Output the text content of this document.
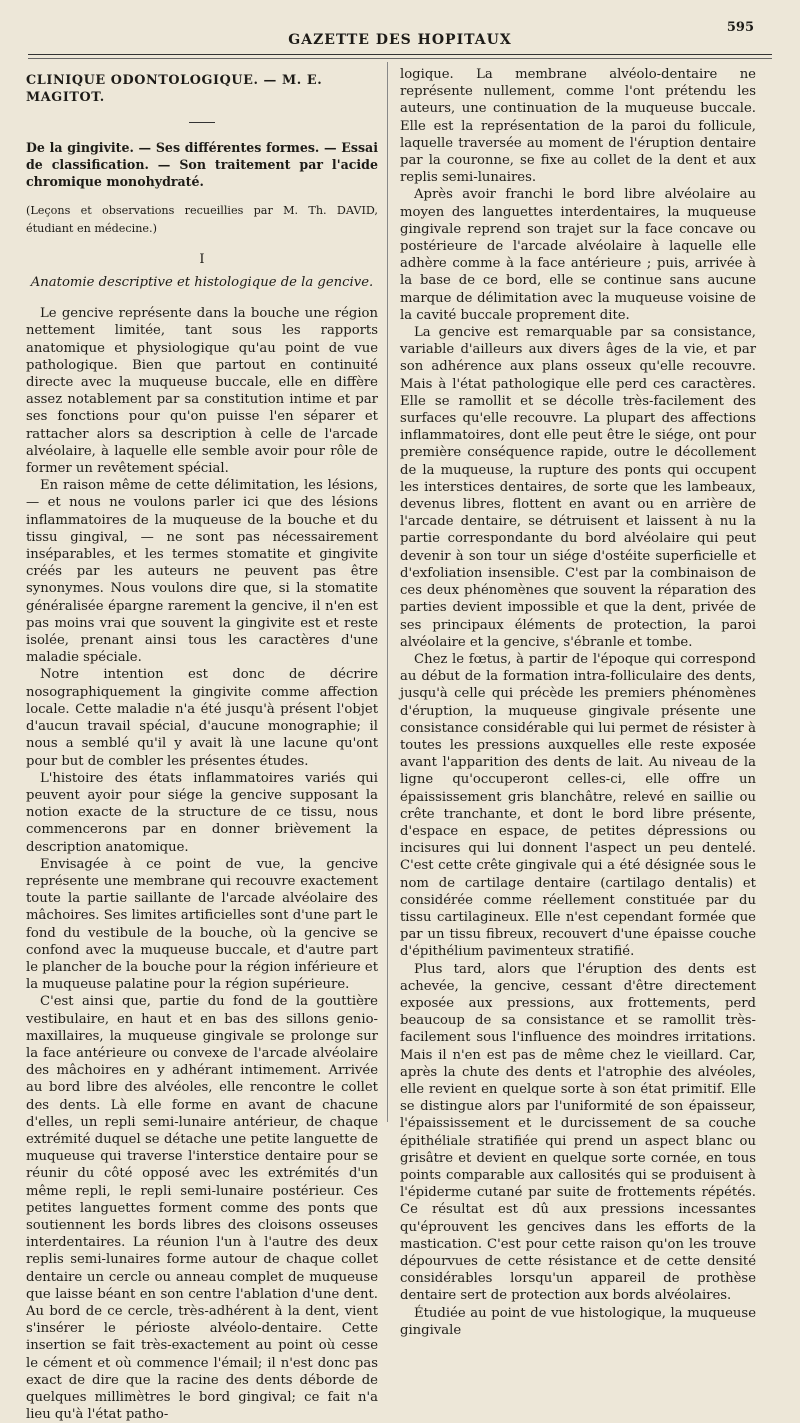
595
GAZETTE DES HOPITAUX

CLINIQUE ODONTOLOGIQUE. — M. E. MAGITOT.

De la gingivite. — Ses différentes formes. — Essai de classification. — Son traitement par l'acide chromique monohydraté.

(Leçons et observations recueillies par M. Th. DAVID, étudiant en médecine.)

I

Anatomie descriptive et histologique de la gencive.

Le gencive représente dans la bouche une région nettement limitée, tant sous les rapports anatomique et physiologique qu'au point de vue pathologique. Bien que partout en continuité directe avec la muqueuse buccale, elle en diffère assez notablement par sa constitution intime et par ses fonctions pour qu'on puisse l'en séparer et rattacher alors sa description à celle de l'arcade alvéolaire, à laquelle elle semble avoir pour rôle de former un revêtement spécial.

En raison même de cette délimitation, les lésions, — et nous ne voulons parler ici que des lésions inflammatoires de la muqueuse de la bouche et du tissu gingival, — ne sont pas nécessairement inséparables, et les termes stomatite et gingivite créés par les auteurs ne peuvent pas être synonymes. Nous voulons dire que, si la stomatite généralisée épargne rarement la gencive, il n'en est pas moins vrai que souvent la gingivite est et reste isolée, prenant ainsi tous les caractères d'une maladie spéciale.

Notre intention est donc de décrire nosographiquement la gingivite comme affection locale. Cette maladie n'a été jusqu'à présent l'objet d'aucun travail spécial, d'aucune monographie; il nous a semblé qu'il y avait là une lacune qu'ont pour but de combler les présentes études.

L'histoire des états inflammatoires variés qui peuvent ayoir pour siége la gencive supposant la notion exacte de la structure de ce tissu, nous commencerons par en donner brièvement la description anatomique.

Envisagée à ce point de vue, la gencive représente une membrane qui recouvre exactement toute la partie saillante de l'arcade alvéolaire des mâchoires. Ses limites artificielles sont d'une part le fond du vestibule de la bouche, où la gencive se confond avec la muqueuse buccale, et d'autre part le plancher de la bouche pour la région inférieure et la muqueuse palatine pour la région supérieure.

C'est ainsi que, partie du fond de la gouttière vestibulaire, en haut et en bas des sillons genio-maxillaires, la muqueuse gingivale se prolonge sur la face antérieure ou convexe de l'arcade alvéolaire des mâchoires en y adhérant intimement. Arrivée au bord libre des alvéoles, elle rencontre le collet des dents. Là elle forme en avant de chacune d'elles, un repli semi-lunaire antérieur, de chaque extrémité duquel se détache une petite languette de muqueuse qui traverse l'interstice dentaire pour se réunir du côté opposé avec les extrémités d'un même repli, le repli semi-lunaire postérieur. Ces petites languettes forment comme des ponts que soutiennent les bords libres des cloisons osseuses interdentaires. La réunion l'un à l'autre des deux replis semi-lunaires forme autour de chaque collet dentaire un cercle ou anneau complet de muqueuse que laisse béant en son centre l'ablation d'une dent. Au bord de ce cercle, très-adhérent à la dent, vient s'insérer le périoste alvéolo-dentaire. Cette insertion se fait très-exactement au point où cesse le cément et où commence l'émail; il n'est donc pas exact de dire que la racine des dents déborde de quelques millimètres le bord gingival; ce fait n'a lieu qu'à l'état patho-

logique. La membrane alvéolo-dentaire ne représente nullement, comme l'ont prétendu les auteurs, une continuation de la muqueuse buccale. Elle est la représentation de la paroi du follicule, laquelle traversée au moment de l'éruption dentaire par la couronne, se fixe au collet de la dent et aux replis semi-lunaires.

Après avoir franchi le bord libre alvéolaire au moyen des languettes interdentaires, la muqueuse gingivale reprend son trajet sur la face concave ou postérieure de l'arcade alvéolaire à laquelle elle adhère comme à la face antérieure ; puis, arrivée à la base de ce bord, elle se continue sans aucune marque de délimitation avec la muqueuse voisine de la cavité buccale proprement dite.

La gencive est remarquable par sa consistance, variable d'ailleurs aux divers âges de la vie, et par son adhérence aux plans osseux qu'elle recouvre. Mais à l'état pathologique elle perd ces caractères. Elle se ramollit et se décolle très-facilement des surfaces qu'elle recouvre. La plupart des affections inflammatoires, dont elle peut être le siége, ont pour première conséquence rapide, outre le décollement de la muqueuse, la rupture des ponts qui occupent les interstices dentaires, de sorte que les lambeaux, devenus libres, flottent en avant ou en arrière de l'arcade dentaire, se détruisent et laissent à nu la partie correspondante du bord alvéolaire qui peut devenir à son tour un siége d'ostéite superficielle et d'exfoliation insensible. C'est par la combinaison de ces deux phénomènes que souvent la réparation des parties devient impossible et que la dent, privée de ses principaux éléments de protection, la paroi alvéolaire et la gencive, s'ébranle et tombe.

Chez le fœtus, à partir de l'époque qui correspond au début de la formation intra-folliculaire des dents, jusqu'à celle qui précède les premiers phénomènes d'éruption, la muqueuse gingivale présente une consistance considérable qui lui permet de résister à toutes les pressions auxquelles elle reste exposée avant l'apparition des dents de lait. Au niveau de la ligne qu'occuperont celles-ci, elle offre un épaississement gris blanchâtre, relevé en saillie ou crête tranchante, et dont le bord libre présente, d'espace en espace, de petites dépressions ou incisures qui lui donnent l'aspect un peu dentelé. C'est cette crête gingivale qui a été désignée sous le nom de cartilage dentaire (cartilago dentalis) et considérée comme réellement constituée par du tissu cartilagineux. Elle n'est cependant formée que par un tissu fibreux, recouvert d'une épaisse couche d'épithélium pavimenteux stratifié.

Plus tard, alors que l'éruption des dents est achevée, la gencive, cessant d'être directement exposée aux pressions, aux frottements, perd beaucoup de sa consistance et se ramollit très-facilement sous l'influence des moindres irritations. Mais il n'en est pas de même chez le vieillard. Car, après la chute des dents et l'atrophie des alvéoles, elle revient en quelque sorte à son état primitif. Elle se distingue alors par l'uniformité de son épaisseur, l'épaississement et le durcissement de sa couche épithéliale stratifiée qui prend un aspect blanc ou grisâtre et devient en quelque sorte cornée, en tous points comparable aux callosités qui se produisent à l'épiderme cutané par suite de frottements répétés. Ce résultat est dû aux pressions incessantes qu'éprouvent les gencives dans les efforts de la mastication. C'est pour cette raison qu'on les trouve dépourvues de cette résistance et de cette densité considérables lorsqu'un appareil de prothèse dentaire sert de protection aux bords alvéolaires.

Étudiée au point de vue histologique, la muqueuse gingivale
